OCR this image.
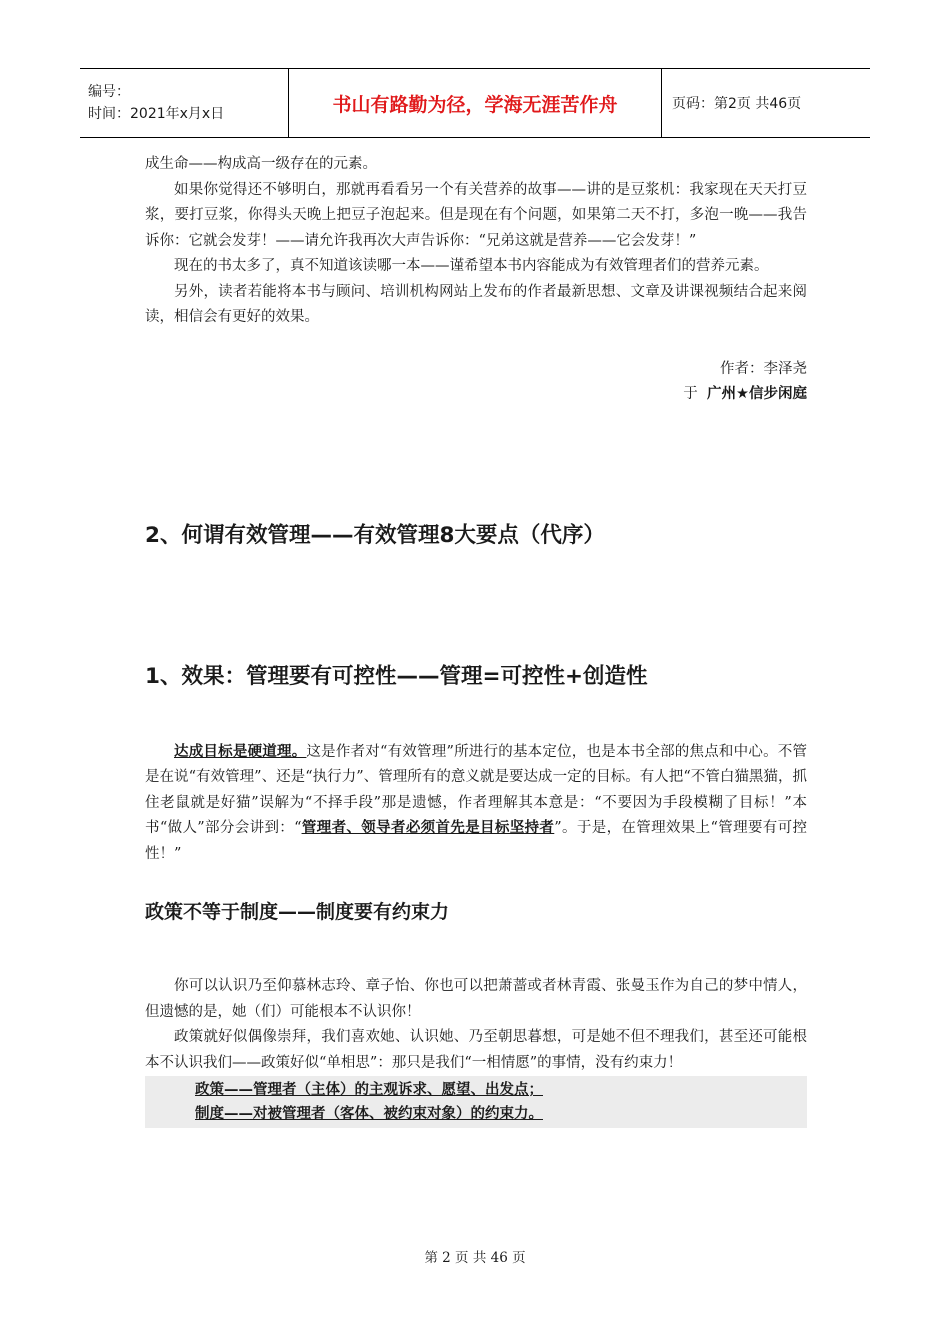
编号：
时间：2021年x月x日	书山有路勤为径，学海无涯苦作舟	页码：第2页 共46页

成生命——构成高一级存在的元素。

如果你觉得还不够明白，那就再看看另一个有关营养的故事——讲的是豆浆机：我家现在天天打豆浆，要打豆浆，你得头天晚上把豆子泡起来。但是现在有个问题，如果第二天不打，多泡一晚——我告诉你：它就会发芽！——请允许我再次大声告诉你：“兄弟这就是营养——它会发芽！”

现在的书太多了，真不知道该读哪一本——谨希望本书内容能成为有效管理者们的营养元素。

另外，读者若能将本书与顾问、培训机构网站上发布的作者最新思想、文章及讲课视频结合起来阅读，相信会有更好的效果。

作者：李泽尧
于 广州★信步闲庭
2、何谓有效管理——有效管理8大要点（代序）
1、效果：管理要有可控性——管理=可控性+创造性

达成目标是硬道理。这是作者对“有效管理”所进行的基本定位，也是本书全部的焦点和中心。不管是在说“有效管理”、还是“执行力”、管理所有的意义就是要达成一定的目标。有人把“不管白猫黑猫，抓住老鼠就是好猫”误解为“不择手段”那是遗憾，作者理解其本意是：“不要因为手段模糊了目标！”本书“做人”部分会讲到：“管理者、领导者必须首先是目标坚持者”。于是，在管理效果上“管理要有可控性！”

政策不等于制度——制度要有约束力

你可以认识乃至仰慕林志玲、章子怡、你也可以把萧蔷或者林青霞、张曼玉作为自己的梦中情人，但遗憾的是，她（们）可能根本不认识你！

政策就好似偶像崇拜，我们喜欢她、认识她、乃至朝思暮想，可是她不但不理我们，甚至还可能根本不认识我们——政策好似“单相思”：那只是我们“一相情愿”的事情，没有约束力！

政策——管理者（主体）的主观诉求、愿望、出发点；

制度——对被管理者（客体、被约束对象）的约束力。

第 2 页 共 46 页
